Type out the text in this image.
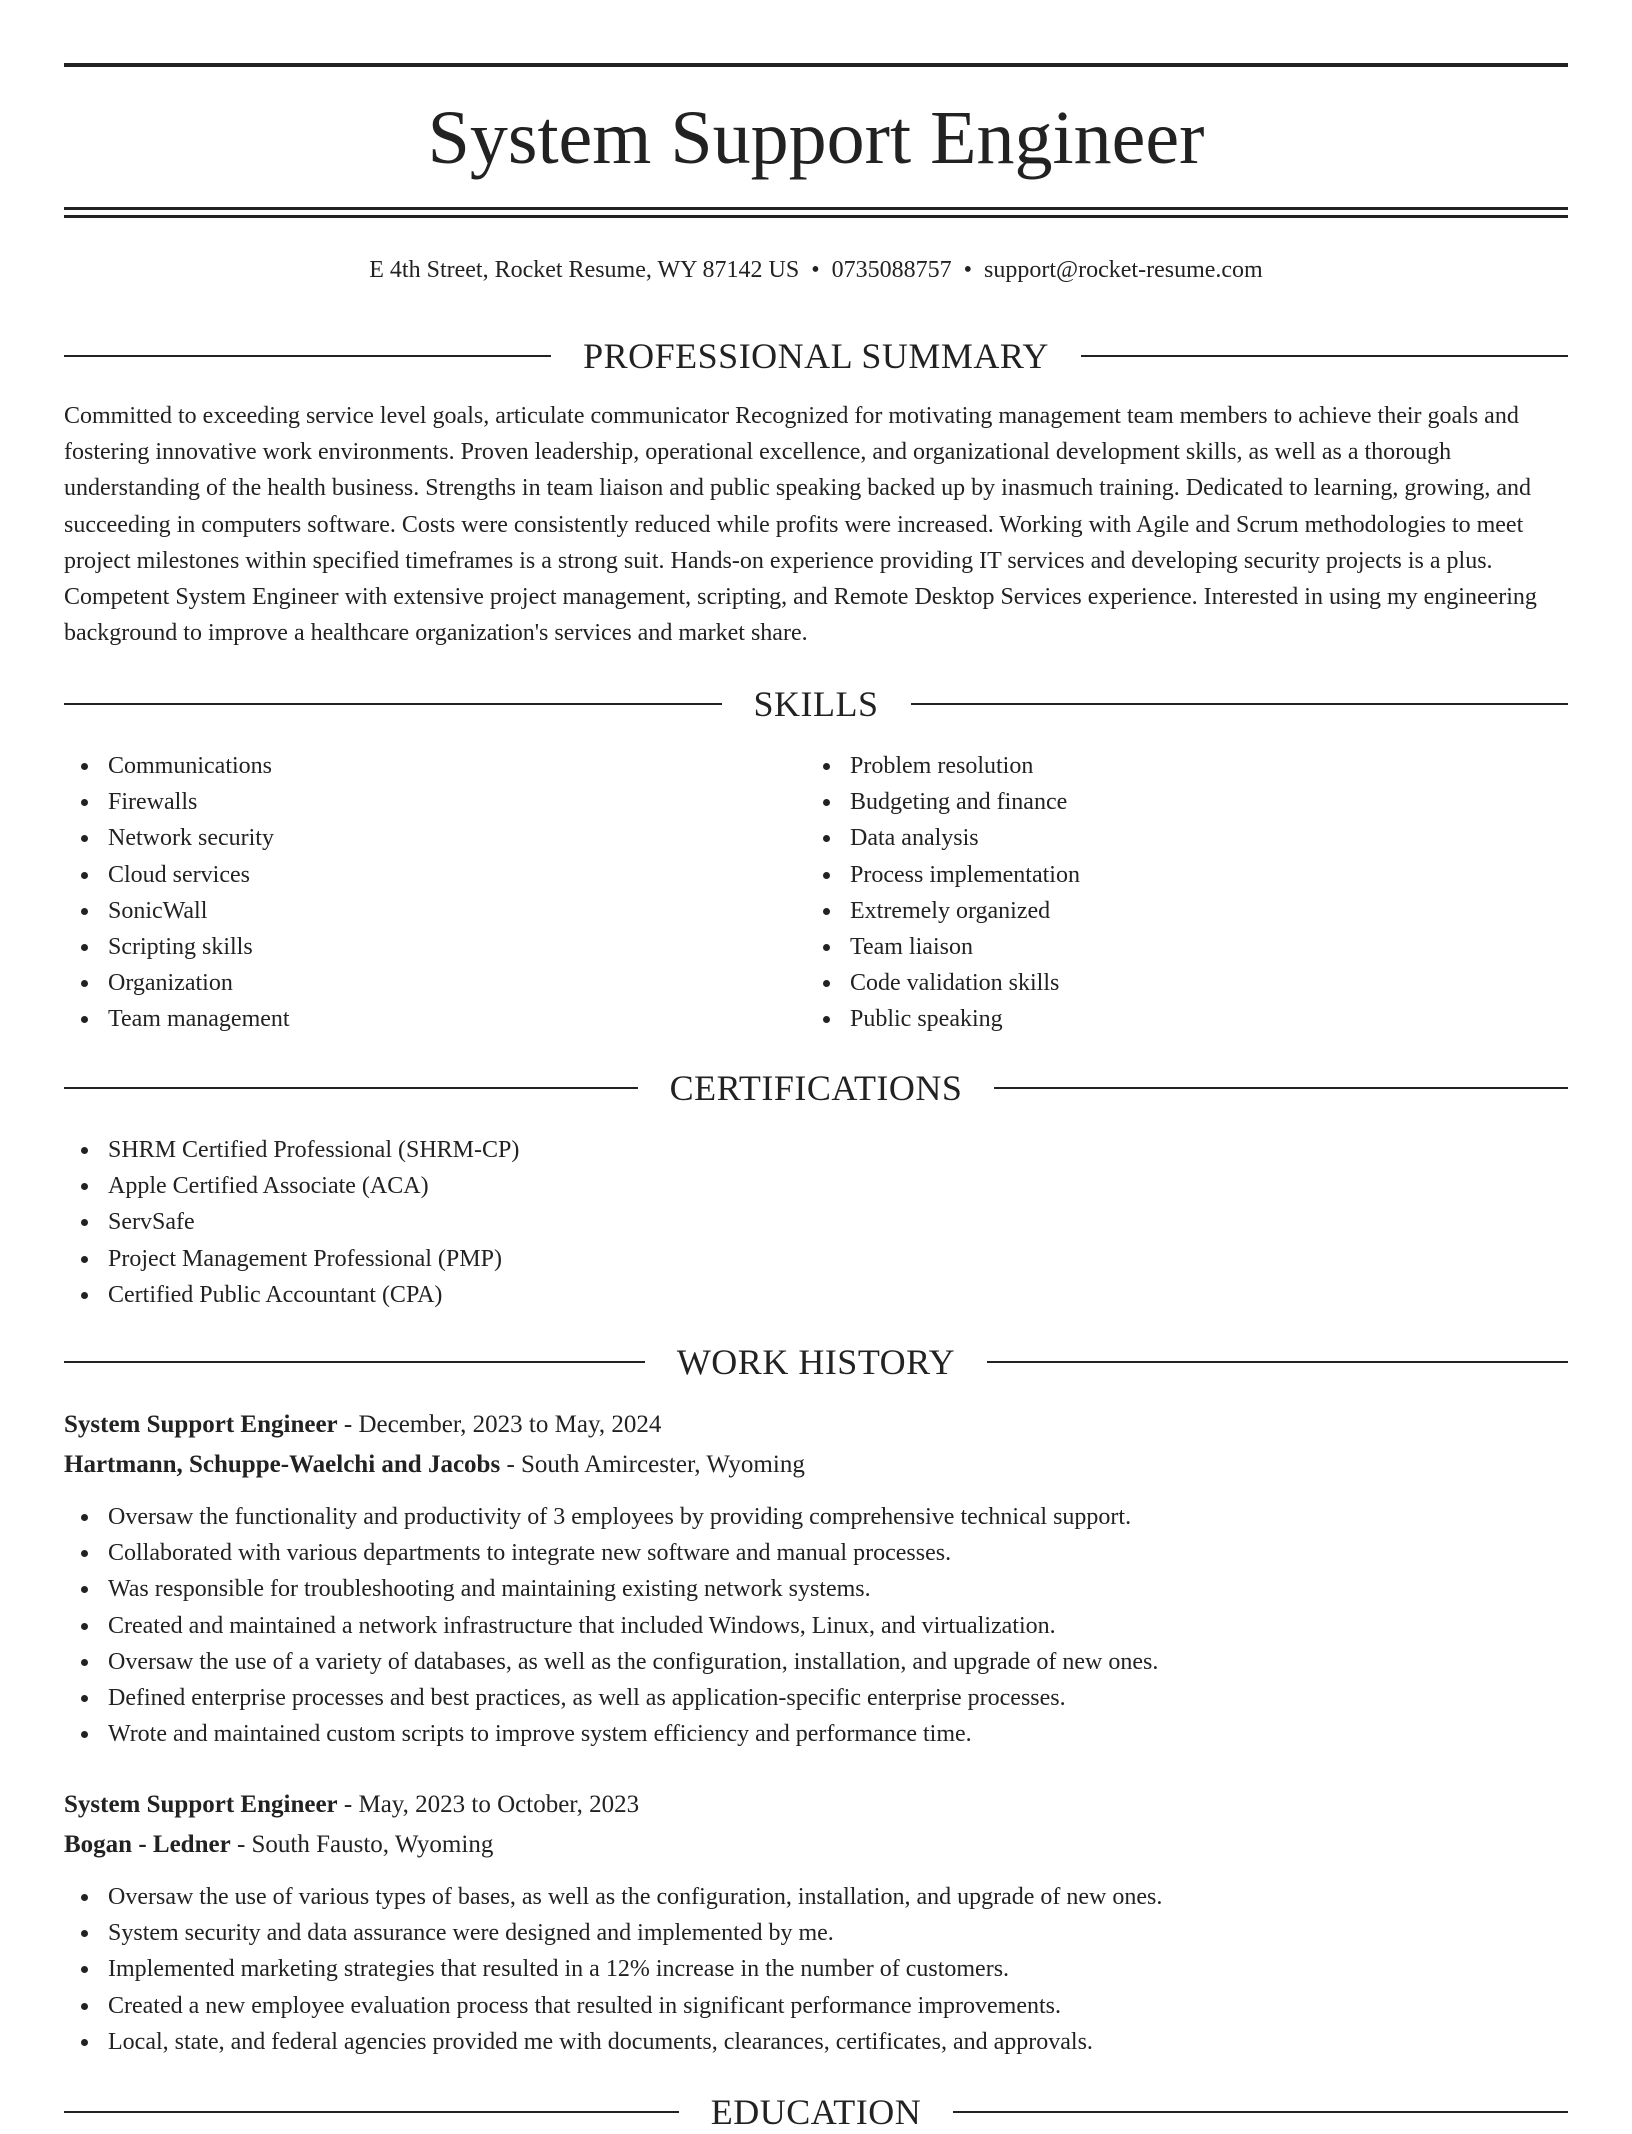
System Support Engineer
E 4th Street, Rocket Resume, WY 87142 US • 0735088757 • support@rocket-resume.com
PROFESSIONAL SUMMARY

Committed to exceeding service level goals, articulate communicator Recognized for motivating management team members to achieve their goals and fostering innovative work environments. Proven leadership, operational excellence, and organizational development skills, as well as a thorough understanding of the health business. Strengths in team liaison and public speaking backed up by inasmuch training. Dedicated to learning, growing, and succeeding in computers software. Costs were consistently reduced while profits were increased. Working with Agile and Scrum methodologies to meet project milestones within specified timeframes is a strong suit. Hands-on experience providing IT services and developing security projects is a plus. Competent System Engineer with extensive project management, scripting, and Remote Desktop Services experience. Interested in using my engineering background to improve a healthcare organization's services and market share.

SKILLS
Communications
Firewalls
Network security
Cloud services
SonicWall
Scripting skills
Organization
Team management
Problem resolution
Budgeting and finance
Data analysis
Process implementation
Extremely organized
Team liaison
Code validation skills
Public speaking
CERTIFICATIONS
SHRM Certified Professional (SHRM-CP)
Apple Certified Associate (ACA)
ServSafe
Project Management Professional (PMP)
Certified Public Accountant (CPA)
WORK HISTORY
System Support Engineer - December, 2023 to May, 2024
Hartmann, Schuppe-Waelchi and Jacobs - South Amircester, Wyoming
Oversaw the functionality and productivity of 3 employees by providing comprehensive technical support.
Collaborated with various departments to integrate new software and manual processes.
Was responsible for troubleshooting and maintaining existing network systems.
Created and maintained a network infrastructure that included Windows, Linux, and virtualization.
Oversaw the use of a variety of databases, as well as the configuration, installation, and upgrade of new ones.
Defined enterprise processes and best practices, as well as application-specific enterprise processes.
Wrote and maintained custom scripts to improve system efficiency and performance time.
System Support Engineer - May, 2023 to October, 2023
Bogan - Ledner - South Fausto, Wyoming
Oversaw the use of various types of bases, as well as the configuration, installation, and upgrade of new ones.
System security and data assurance were designed and implemented by me.
Implemented marketing strategies that resulted in a 12% increase in the number of customers.
Created a new employee evaluation process that resulted in significant performance improvements.
Local, state, and federal agencies provided me with documents, clearances, certificates, and approvals.
EDUCATION
